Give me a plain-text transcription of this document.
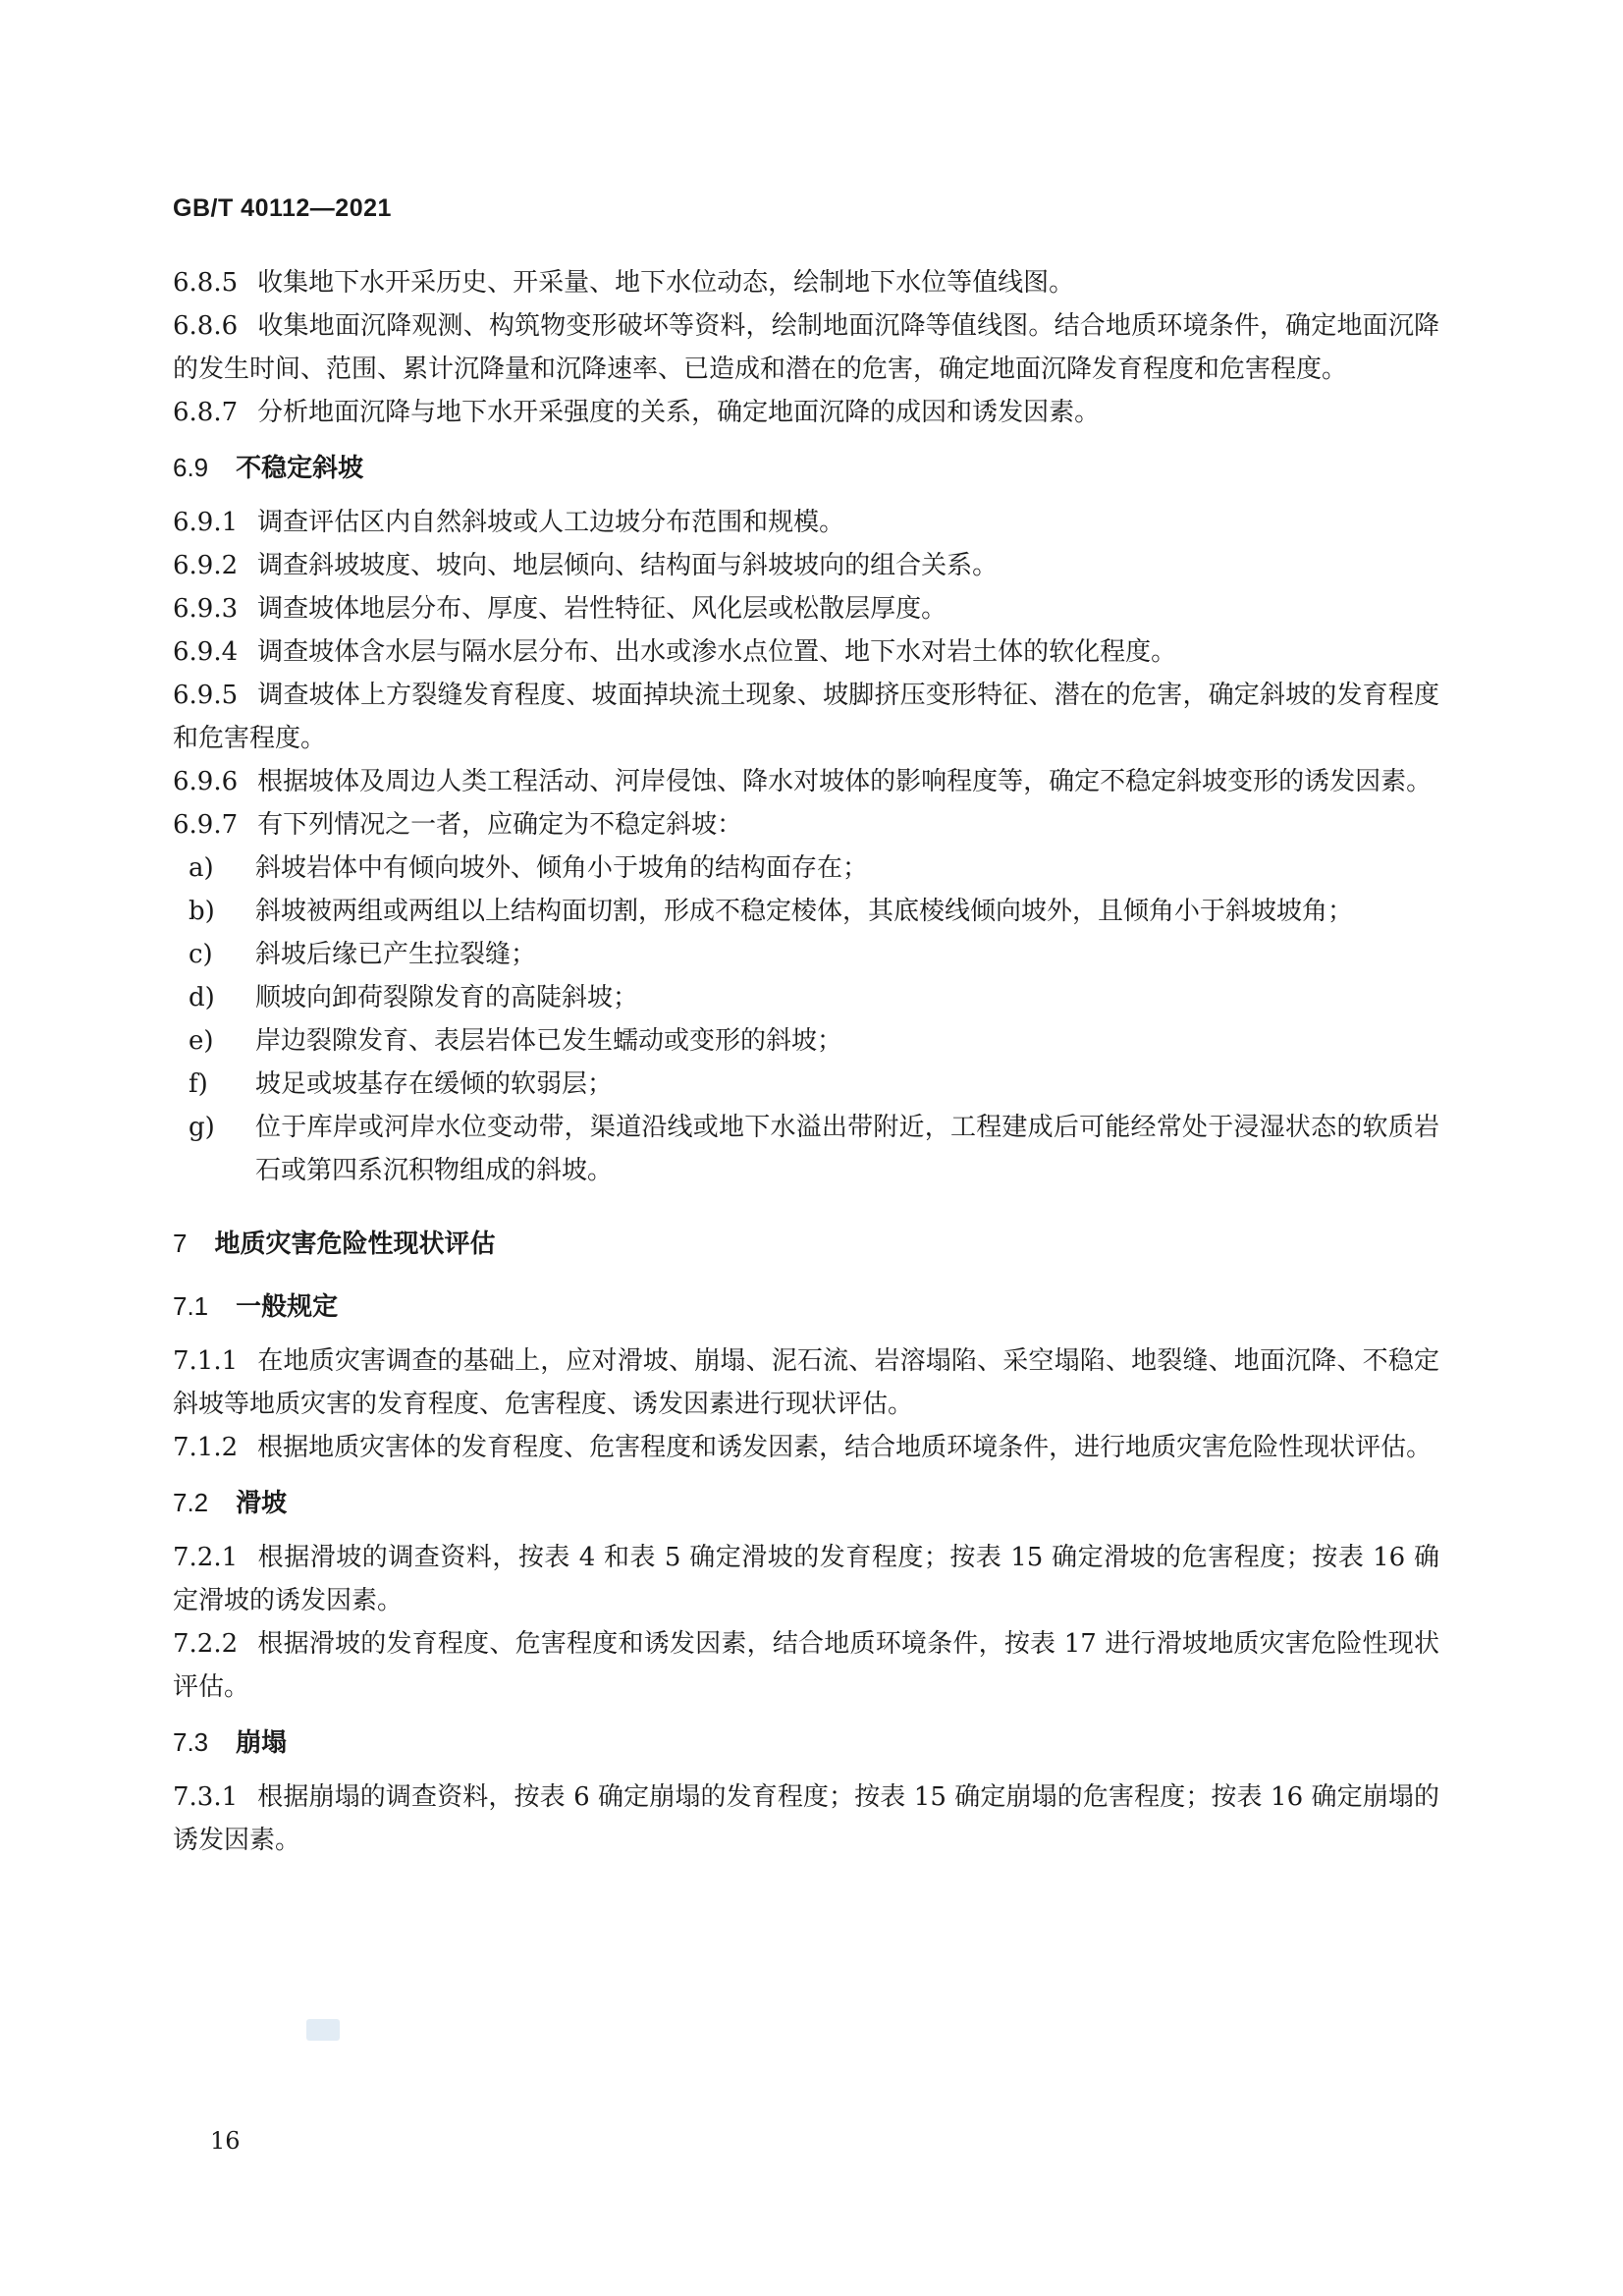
GB/T 40112—2021

6.8.5 收集地下水开采历史、开采量、地下水位动态，绘制地下水位等值线图。

6.8.6 收集地面沉降观测、构筑物变形破坏等资料，绘制地面沉降等值线图。结合地质环境条件，确定地面沉降的发生时间、范围、累计沉降量和沉降速率、已造成和潜在的危害，确定地面沉降发育程度和危害程度。

6.8.7 分析地面沉降与地下水开采强度的关系，确定地面沉降的成因和诱发因素。

6.9 不稳定斜坡

6.9.1 调查评估区内自然斜坡或人工边坡分布范围和规模。

6.9.2 调查斜坡坡度、坡向、地层倾向、结构面与斜坡坡向的组合关系。

6.9.3 调查坡体地层分布、厚度、岩性特征、风化层或松散层厚度。

6.9.4 调查坡体含水层与隔水层分布、出水或渗水点位置、地下水对岩土体的软化程度。

6.9.5 调查坡体上方裂缝发育程度、坡面掉块流土现象、坡脚挤压变形特征、潜在的危害，确定斜坡的发育程度和危害程度。

6.9.6 根据坡体及周边人类工程活动、河岸侵蚀、降水对坡体的影响程度等，确定不稳定斜坡变形的诱发因素。

6.9.7 有下列情况之一者，应确定为不稳定斜坡：

a)	斜坡岩体中有倾向坡外、倾角小于坡角的结构面存在；
b)	斜坡被两组或两组以上结构面切割，形成不稳定棱体，其底棱线倾向坡外，且倾角小于斜坡坡角；
c)	斜坡后缘已产生拉裂缝；
d)	顺坡向卸荷裂隙发育的高陡斜坡；
e)	岸边裂隙发育、表层岩体已发生蠕动或变形的斜坡；
f)	坡足或坡基存在缓倾的软弱层；
g)	位于库岸或河岸水位变动带，渠道沿线或地下水溢出带附近，工程建成后可能经常处于浸湿状态的软质岩石或第四系沉积物组成的斜坡。
7 地质灾害危险性现状评估
7.1 一般规定

7.1.1 在地质灾害调查的基础上，应对滑坡、崩塌、泥石流、岩溶塌陷、采空塌陷、地裂缝、地面沉降、不稳定斜坡等地质灾害的发育程度、危害程度、诱发因素进行现状评估。

7.1.2 根据地质灾害体的发育程度、危害程度和诱发因素，结合地质环境条件，进行地质灾害危险性现状评估。

7.2 滑坡

7.2.1 根据滑坡的调查资料，按表 4 和表 5 确定滑坡的发育程度；按表 15 确定滑坡的危害程度；按表 16 确定滑坡的诱发因素。

7.2.2 根据滑坡的发育程度、危害程度和诱发因素，结合地质环境条件，按表 17 进行滑坡地质灾害危险性现状评估。

7.3 崩塌

7.3.1 根据崩塌的调查资料，按表 6 确定崩塌的发育程度；按表 15 确定崩塌的危害程度；按表 16 确定崩塌的诱发因素。

16
